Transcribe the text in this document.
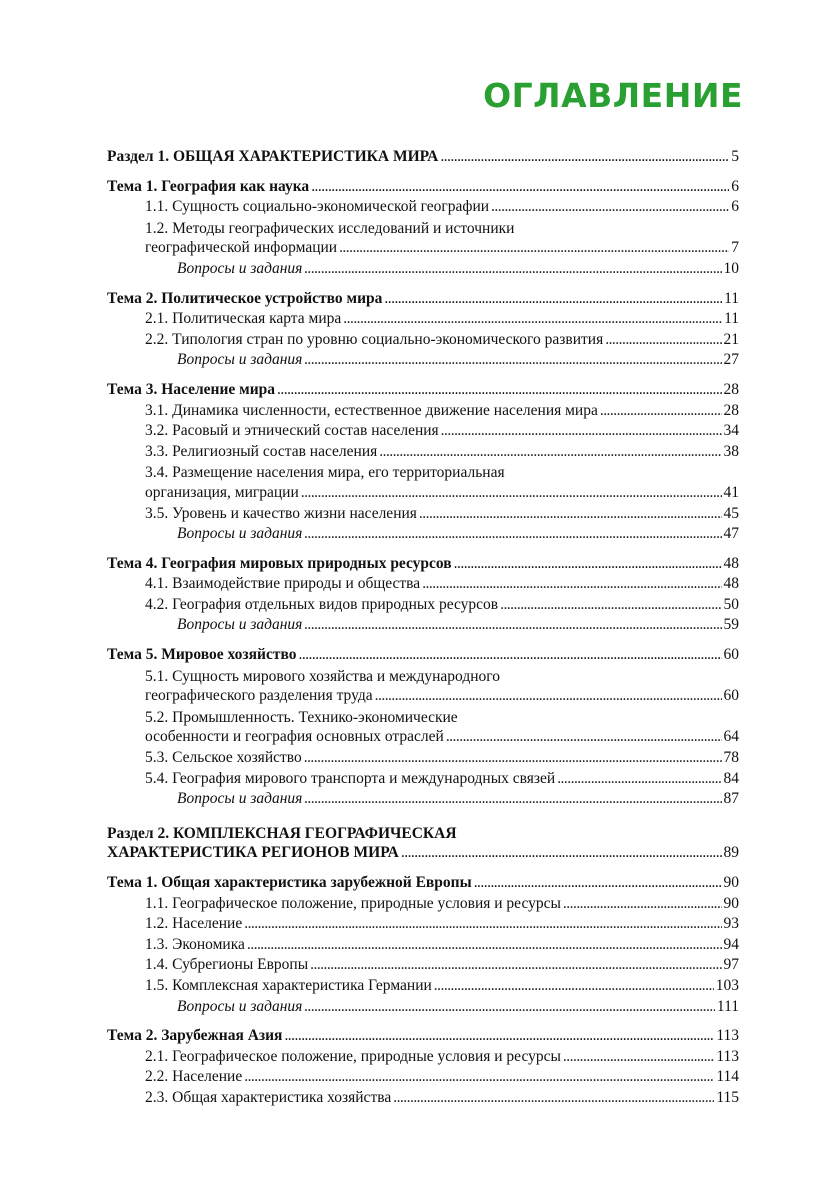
ОГЛАВЛЕНИЕ
Раздел 1. ОБЩАЯ ХАРАКТЕРИСТИКА МИРА . . .	5
Тема 1. География как наука . . .	6
1.1. Сущность социально-экономической географии . . .	6
1.2. Методы географических исследований и источники
географической информации . . .	7
Вопросы и задания . . .	10
Тема 2. Политическое устройство мира . . .	11
2.1. Политическая карта мира . . .	11
2.2. Типология стран по уровню социально-экономического развития . . .	21
Вопросы и задания . . .	27
Тема 3. Население мира . . .	28
3.1. Динамика численности, естественное движение населения мира . . .	28
3.2. Расовый и этнический состав населения . . .	34
3.3. Религиозный состав населения . . .	38
3.4. Размещение населения мира, его территориальная
организация, миграции . . .	41
3.5. Уровень и качество жизни населения . . .	45
Вопросы и задания . . .	47
Тема 4. География мировых природных ресурсов . . .	48
4.1. Взаимодействие природы и общества . . .	48
4.2. География отдельных видов природных ресурсов . . .	50
Вопросы и задания . . .	59
Тема 5. Мировое хозяйство . . .	60
5.1. Сущность мирового хозяйства и международного
географического разделения труда . . .	60
5.2. Промышленность. Технико-экономические
особенности и география основных отраслей . . .	64
5.3. Сельское хозяйство . . .	78
5.4. География мирового транспорта и международных связей . . .	84
Вопросы и задания . . .	87
Раздел 2. КОМПЛЕКСНАЯ ГЕОГРАФИЧЕСКАЯ
ХАРАКТЕРИСТИКА РЕГИОНОВ МИРА . . .	89
Тема 1. Общая характеристика зарубежной Европы . . .	90
1.1. Географическое положение, природные условия и ресурсы . . .	90
1.2. Население . . .	93
1.3. Экономика . . .	94
1.4. Субрегионы Европы . . .	97
1.5. Комплексная характеристика Германии . . .	103
Вопросы и задания . . .	111
Тема 2. Зарубежная Азия . . .	113
2.1. Географическое положение, природные условия и ресурсы . . .	113
2.2. Население . . .	114
2.3. Общая характеристика хозяйства . . .	115
